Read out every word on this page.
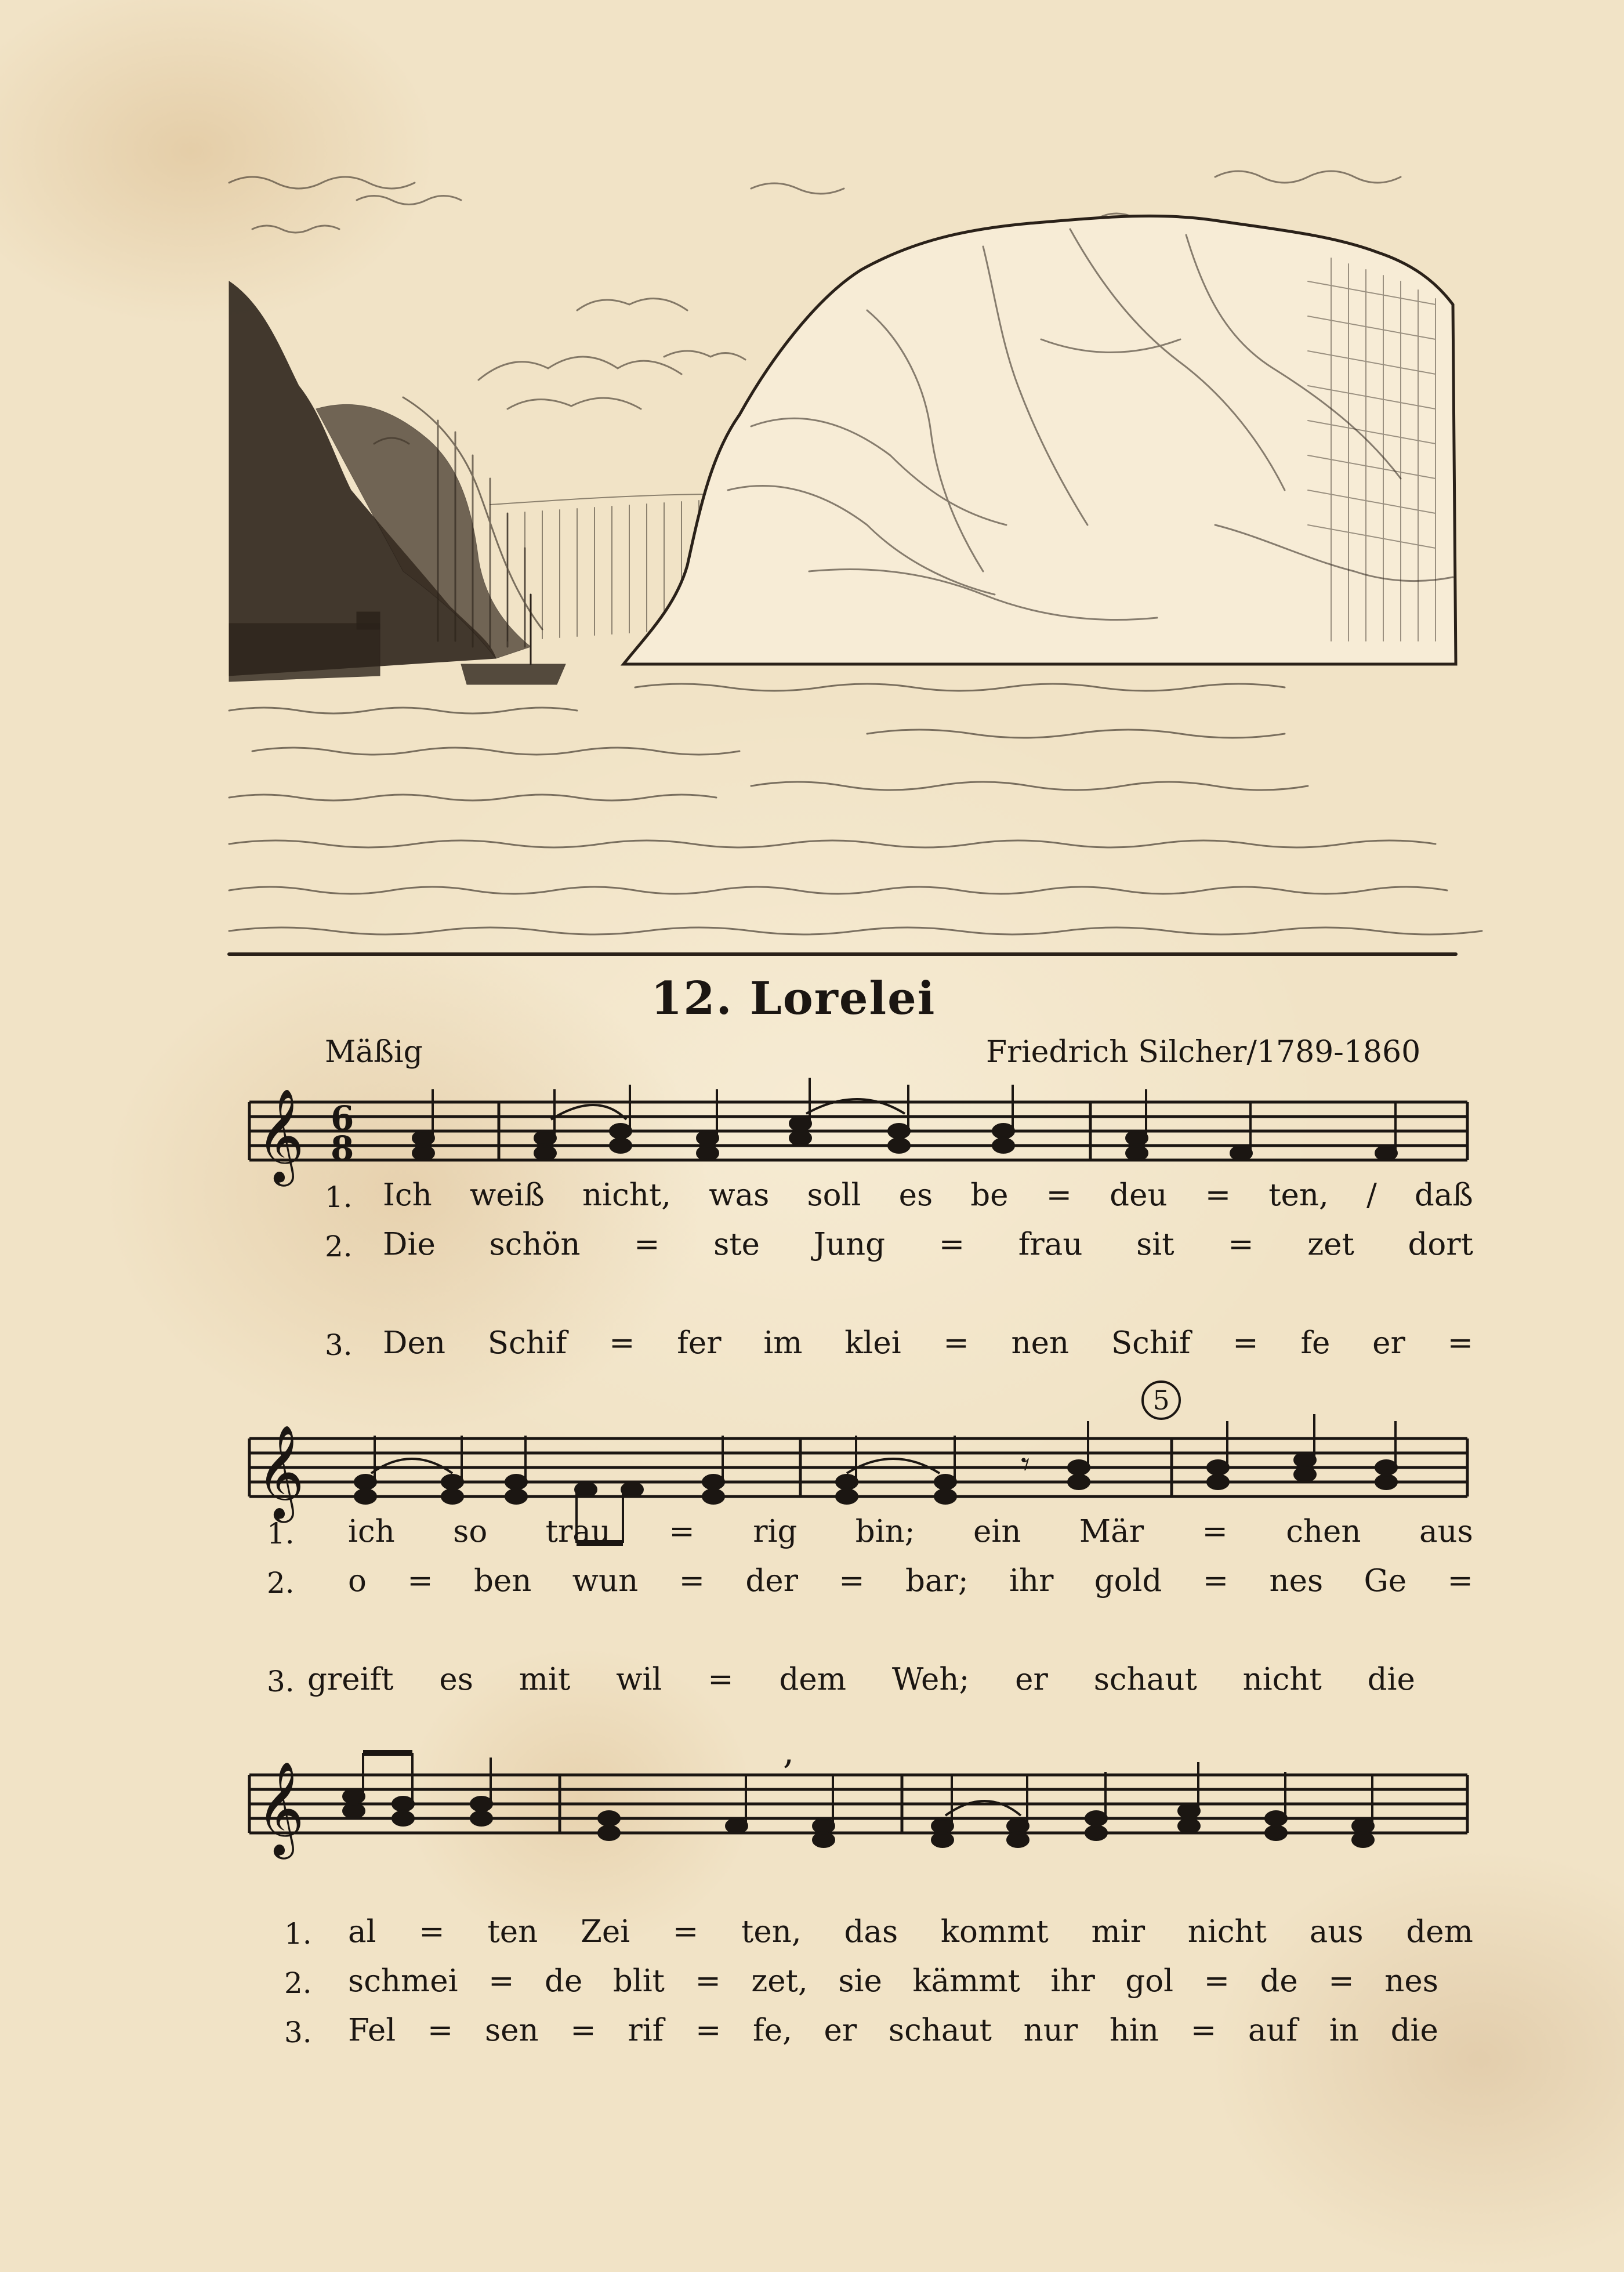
12. Lorelei
Mäßig	Friedrich Silcher/1789-1860
𝄞 6
8
1. Ich weiß nicht, was soll es be = deu = ten, / daß
2. Die schön = ste Jung = frau sit = zet dort
3. Den Schif = fer im klei = nen Schif = fe er =
𝄞
5
𝄾
1. ich so trau = rig bin; ein Mär = chen aus
2. o = ben wun = der = bar; ihr gold = nes Ge =
3. greift es mit wil = dem Weh; er schaut nicht die
𝄞
,
1. al = ten Zei = ten, das kommt mir nicht aus dem
2. schmei = de blit = zet, sie kämmt ihr gol = de = nes
3. Fel = sen = rif = fe, er schaut nur hin = auf in die
